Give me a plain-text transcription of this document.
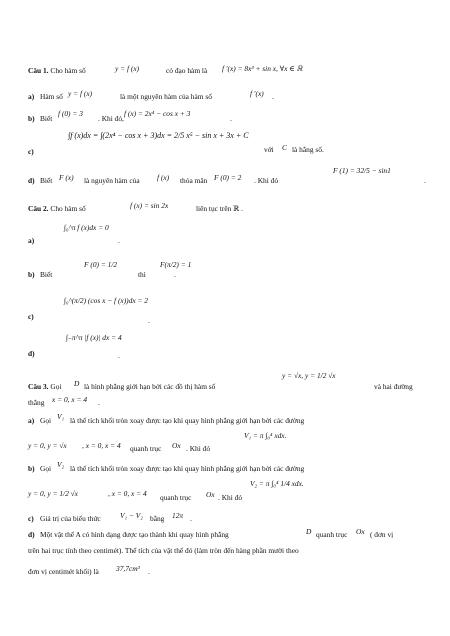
Câu 1. Cho hàm số	y = f (x)	có đạo hàm là f ′(x) = 8x³ + sin x, ∀x ∈ ℝ
a) Hàm số y = f (x)	là một nguyên hàm của hàm số	f ′(x) .
b) Biết
f (0) = 3
. Khi đó,
f (x) = 2x⁴ − cos x + 3
.
c)
∫f (x)dx = ∫(2x⁴ − cos x + 3)dx = 2/5 x⁵ − sin x + 3x + C
với C là hằng số.
d) Biết F (x) là nguyên hàm của f (x) thỏa mãn F (0) = 2 . Khi đó
F (1) = 32/5 − sin1
.
Câu 2. Cho hàm số	f (x) = sin 2x	liên tục trên ℝ .
a)
∫₀^π f (x)dx = 0
.
b) Biết
F (0) = 1/2
thì
F(π/2) = 1
.
c)
∫₀^(π/2) (cos x − f (x))dx = 2
.
d)
∫₋π^π |f (x)| dx = 4
.
Câu 3. Gọi D là hình phẳng giới hạn bởi các đồ thị hàm số
y = √x, y = 1/2 √x
và hai đường
thẳng x = 0, x = 4 .
a) Gọi V₁ là thể tích khối tròn xoay được tạo khi quay hình phẳng giới hạn bởi các đường
y = 0, y = √x , x = 0, x = 4 quanh trục Ox . Khi đó
V₁ = π ∫₀⁴ xdx.
b) Gọi V₂ là thể tích khối tròn xoay được tạo khi quay hình phẳng giới hạn bởi các đường
y = 0, y = 1/2 √x	, x = 0, x = 4 quanh trục Ox . Khi đó
V₂ = π ∫₀⁴ 1/4 xdx.
c) Giá trị của biểu thức	V₁ − V₂ bằng 12π .
d) Một vật thể A có hình dạng được tạo thành khi quay hình phẳng	D quanh trục Ox ( đơn vị
trên hai trục tính theo centimét). Thể tích của vật thể đó (làm tròn đến hàng phần mười theo
đơn vị centimét khối) là 37,7cm³ .
